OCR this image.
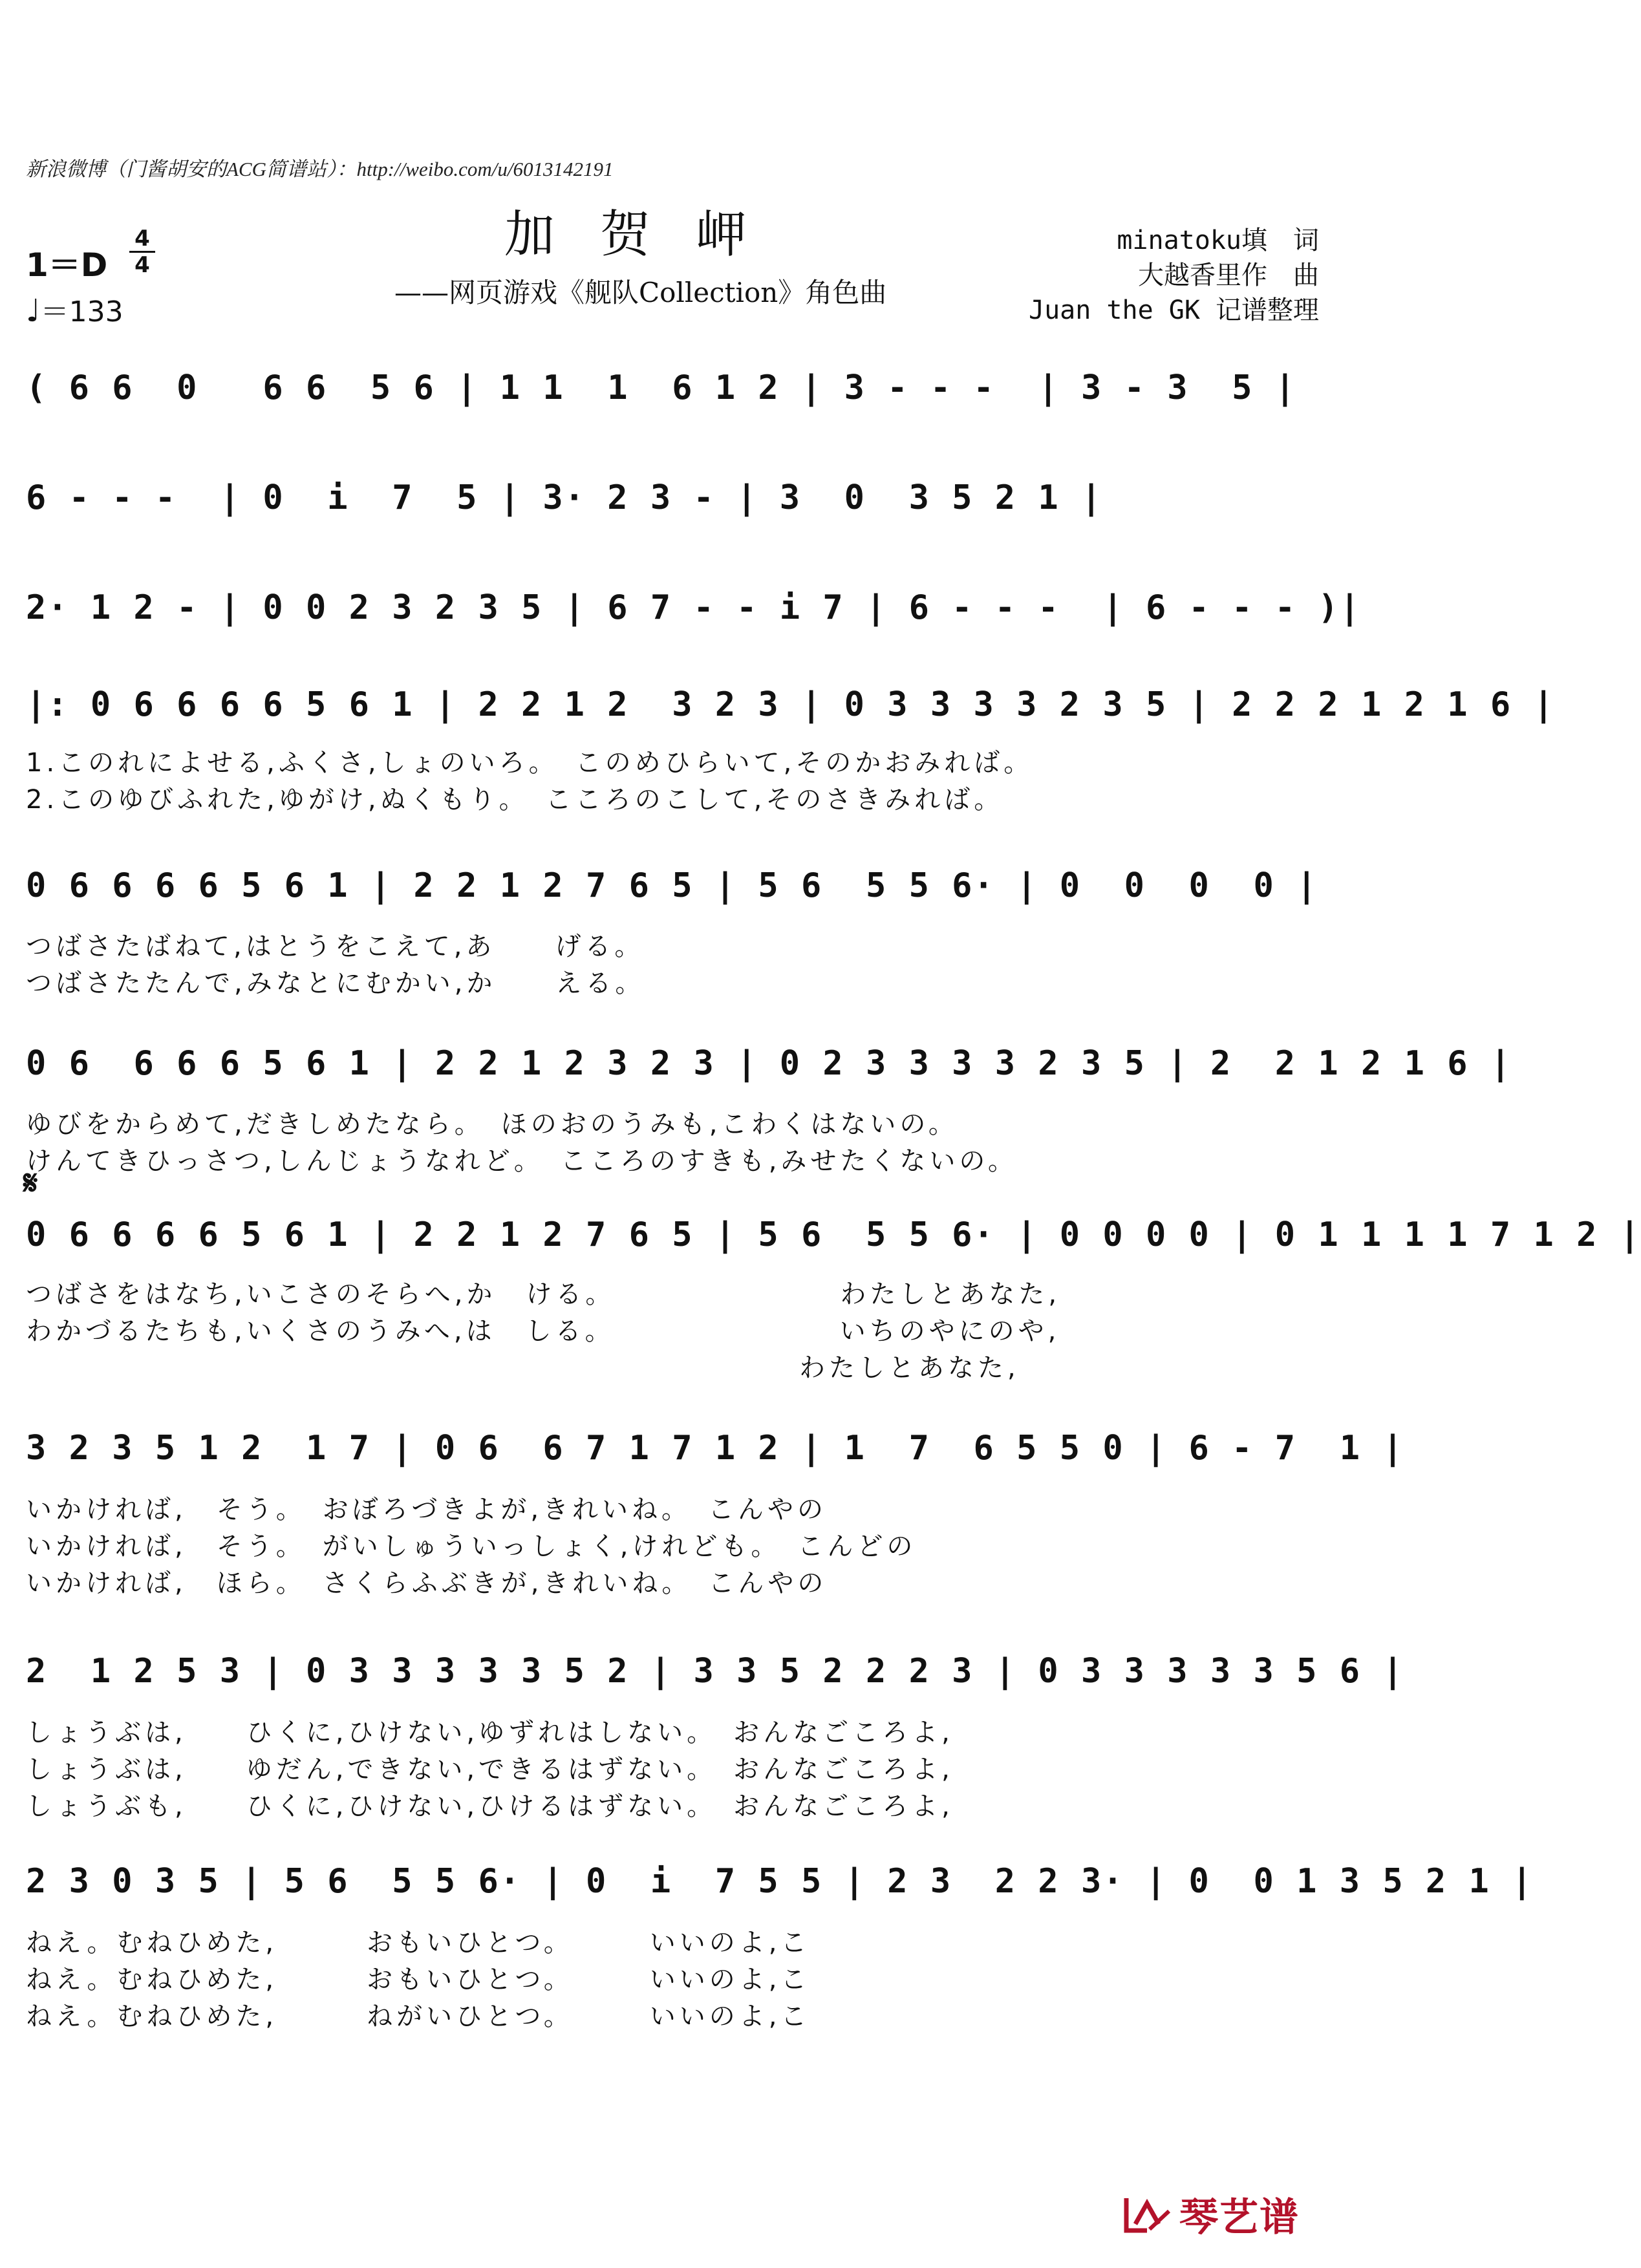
新浪微博（门酱胡安的ACG简谱站）：http://weibo.com/u/6013142191
加贺岬
——网页游戏《舰队Collection》角色曲
minatoku填　词
大越香里作　曲
Juan the GK 记谱整理
1＝D
4
4
♩＝133
( 6 6  0   6 6  5 6 | 1 1  1  6 1 2 | 3 - - -  | 3 - 3  5 |
6 - - -  | 0  i  7  5 | 3· 2 3 - | 3  0  3 5 2 1 |
2· 1 2 - | 0 0 2 3 2 3 5 | 6 7 - - i 7 | 6 - - -  | 6 - - - )|
|: 0 6 6 6 6 5 6 1 | 2 2 1 2  3 2 3 | 0 3 3 3 3 2 3 5 | 2 2 2 1 2 1 6 |
1.このれによせる,ふくさ,しょのいろ。　このめひらいて,そのかおみれば。
2.このゆびふれた,ゆがけ,ぬくもり。　こころのこして,そのさきみれば。
0 6 6 6 6 5 6 1 | 2 2 1 2 7 6 5 | 5 6  5 5 6· | 0  0  0  0 |
つばさたばねて,はとうをこえて,あ　　げる。
つばさたたんで,みなとにむかい,か　　える。
0 6  6 6 6 5 6 1 | 2 2 1 2 3 2 3 | 0 2 3 3 3 3 2 3 5 | 2  2 1 2 1 6 |
ゆびをからめて,だきしめたなら。　ほのおのうみも,こわくはないの。
けんてきひっさつ,しんじょうなれど。　こころのすきも,みせたくないの。
𝄋
0 6 6 6 6 5 6 1 | 2 2 1 2 7 6 5 | 5 6  5 5 6· | 0 0 0 0 | 0 1 1 1 1 7 1 2 |
つばさをはなち,いこさのそらへ,か　ける。　　　　　　　　わたしとあなた,
わかづるたちも,いくさのうみへ,は　しる。　　　　　　　　いちのやにのや,
　　　　　　　　　　　　　　　　　　　　　　　　　　わたしとあなた,
3 2 3 5 1 2  1 7 | 0 6  6 7 1 7 1 2 | 1  7  6 5 5 0 | 6 - 7  1 |
いかければ,　そう。　おぼろづきよが,きれいね。　こんやの
いかければ,　そう。　がいしゅういっしょく,けれども。　こんどの
いかければ,　ほら。　さくらふぶきが,きれいね。　こんやの
2  1 2 5 3 | 0 3 3 3 3 3 5 2 | 3 3 5 2 2 2 3 | 0 3 3 3 3 3 5 6 |
しょうぶは,　　ひくに,ひけない,ゆずれはしない。　おんなごころよ,
しょうぶは,　　ゆだん,できない,できるはずない。　おんなごころよ,
しょうぶも,　　ひくに,ひけない,ひけるはずない。　おんなごころよ,
2 3 0 3 5 | 5 6  5 5 6· | 0  i  7 5 5 | 2 3  2 2 3· | 0  0 1 3 5 2 1 |
ねえ。むねひめた,　　　おもいひとつ。　　　いいのよ,こ
ねえ。むねひめた,　　　おもいひとつ。　　　いいのよ,こ
ねえ。むねひめた,　　　ねがいひとつ。　　　いいのよ,こ
琴艺谱
